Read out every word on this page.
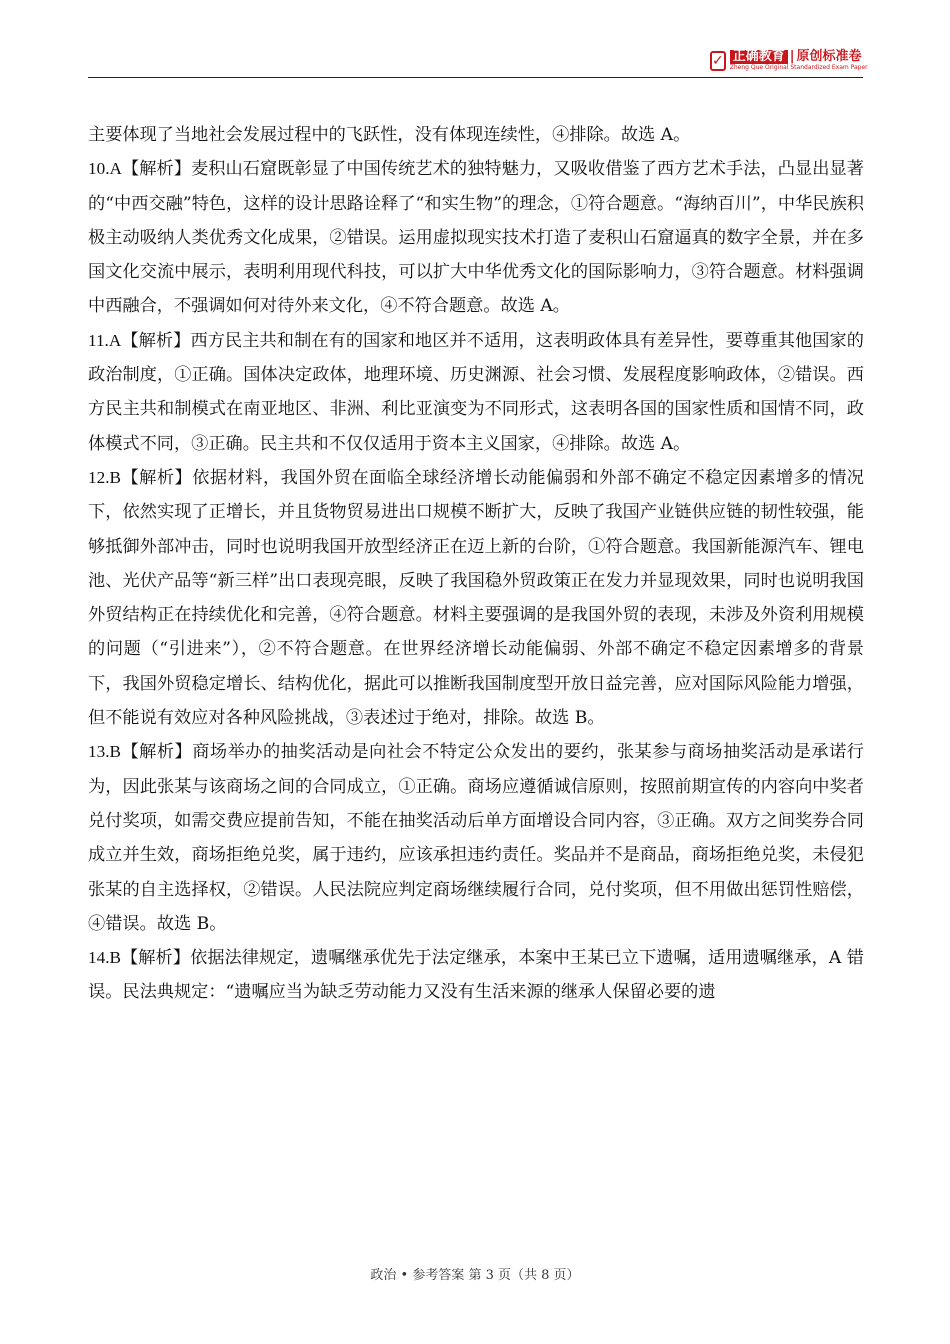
✓ 正确教育 | 原创标准卷
Zheng Que Original Standardized Exam Paper

主要体现了当地社会发展过程中的飞跃性，没有体现连续性，④排除。故选 A。

10.A【解析】麦积山石窟既彰显了中国传统艺术的独特魅力，又吸收借鉴了西方艺术手法，凸显出显著的“中西交融”特色，这样的设计思路诠释了“和实生物”的理念，①符合题意。“海纳百川”，中华民族积极主动吸纳人类优秀文化成果，②错误。运用虚拟现实技术打造了麦积山石窟逼真的数字全景，并在多国文化交流中展示，表明利用现代科技，可以扩大中华优秀文化的国际影响力，③符合题意。材料强调中西融合，不强调如何对待外来文化，④不符合题意。故选 A。

11.A【解析】西方民主共和制在有的国家和地区并不适用，这表明政体具有差异性，要尊重其他国家的政治制度，①正确。国体决定政体，地理环境、历史渊源、社会习惯、发展程度影响政体，②错误。西方民主共和制模式在南亚地区、非洲、利比亚演变为不同形式，这表明各国的国家性质和国情不同，政体模式不同，③正确。民主共和不仅仅适用于资本主义国家，④排除。故选 A。

12.B【解析】依据材料，我国外贸在面临全球经济增长动能偏弱和外部不确定不稳定因素增多的情况下，依然实现了正增长，并且货物贸易进出口规模不断扩大，反映了我国产业链供应链的韧性较强，能够抵御外部冲击，同时也说明我国开放型经济正在迈上新的台阶，①符合题意。我国新能源汽车、锂电池、光伏产品等“新三样”出口表现亮眼，反映了我国稳外贸政策正在发力并显现效果，同时也说明我国外贸结构正在持续优化和完善，④符合题意。材料主要强调的是我国外贸的表现，未涉及外资利用规模的问题（“引进来”），②不符合题意。在世界经济增长动能偏弱、外部不确定不稳定因素增多的背景下，我国外贸稳定增长、结构优化，据此可以推断我国制度型开放日益完善，应对国际风险能力增强，但不能说有效应对各种风险挑战，③表述过于绝对，排除。故选 B。

13.B【解析】商场举办的抽奖活动是向社会不特定公众发出的要约，张某参与商场抽奖活动是承诺行为，因此张某与该商场之间的合同成立，①正确。商场应遵循诚信原则，按照前期宣传的内容向中奖者兑付奖项，如需交费应提前告知，不能在抽奖活动后单方面增设合同内容，③正确。双方之间奖券合同成立并生效，商场拒绝兑奖，属于违约，应该承担违约责任。奖品并不是商品，商场拒绝兑奖，未侵犯张某的自主选择权，②错误。人民法院应判定商场继续履行合同，兑付奖项，但不用做出惩罚性赔偿，④错误。故选 B。

14.B【解析】依据法律规定，遗嘱继承优先于法定继承，本案中王某已立下遗嘱，适用遗嘱继承，A 错误。民法典规定：“遗嘱应当为缺乏劳动能力又没有生活来源的继承人保留必要的遗

政治 • 参考答案 第 3 页（共 8 页）
